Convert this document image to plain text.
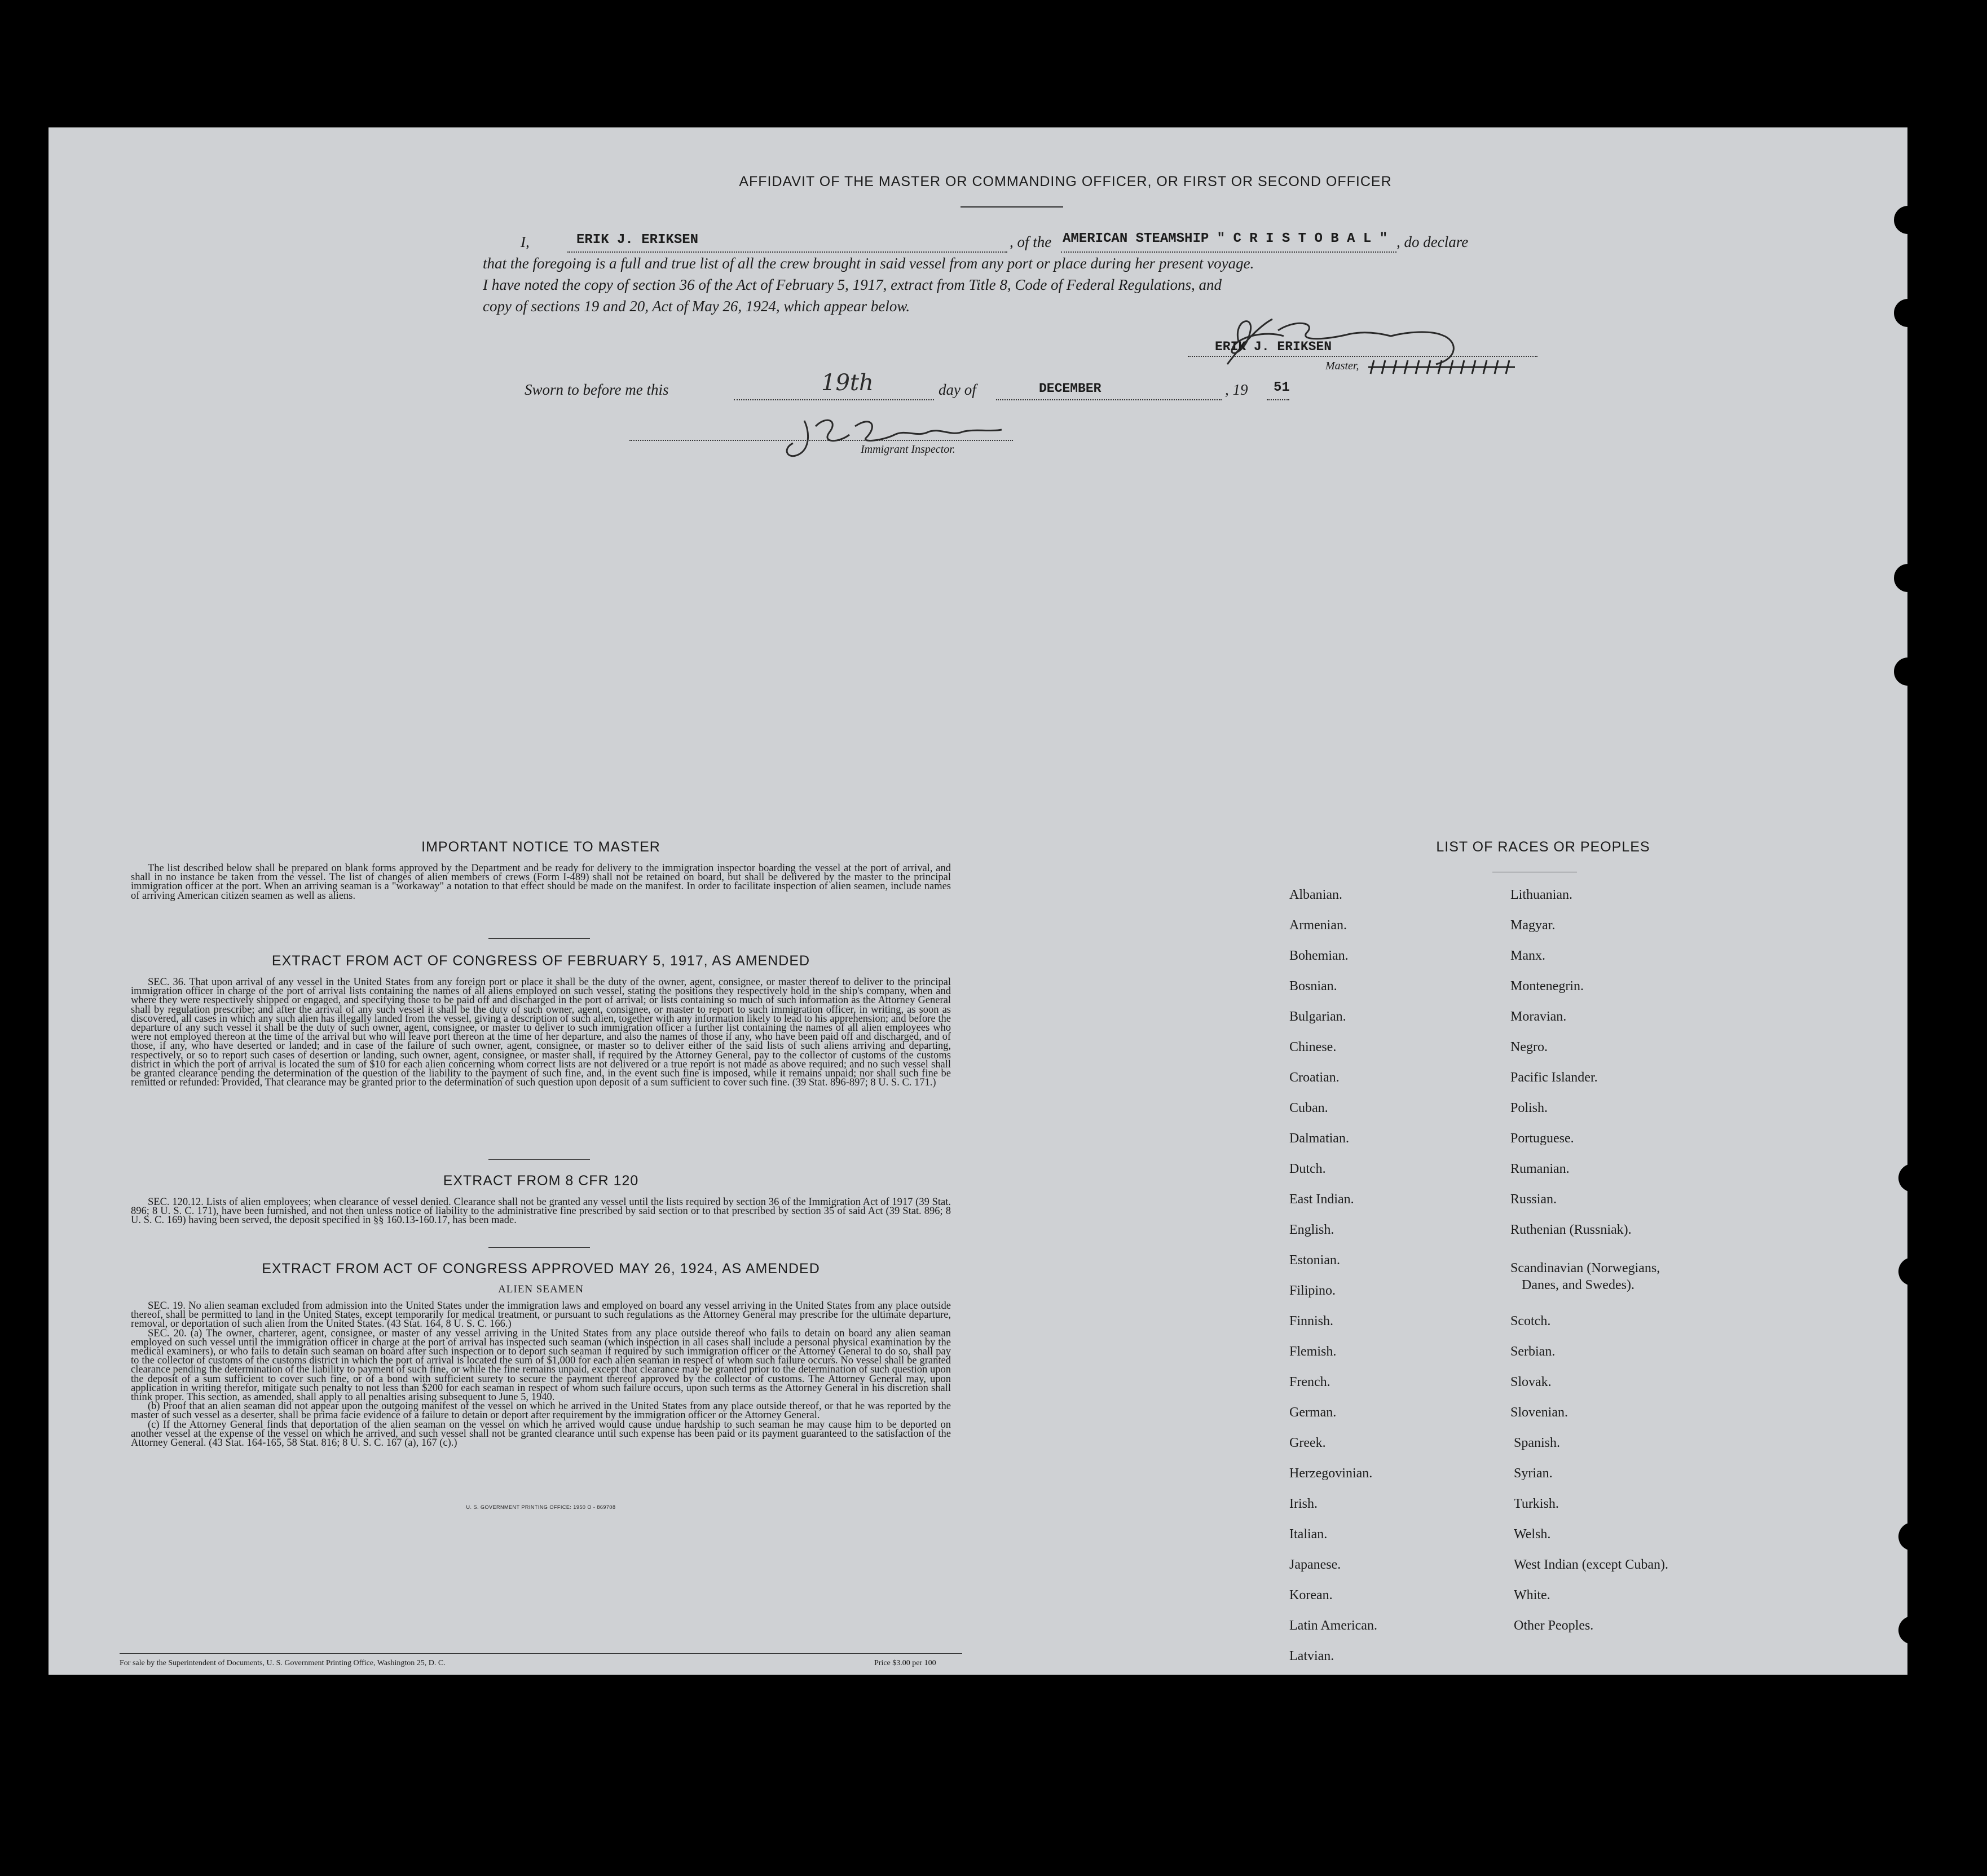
AFFIDAVIT OF THE MASTER OR COMMANDING OFFICER, OR FIRST OR SECOND OFFICER
I,	ERIK J. ERIKSEN	, of the AMERICAN STEAMSHIP " C R I S T O B A L " , do declare
that the foregoing is a full and true list of all the crew brought in said vessel from any port or place during her present voyage.
I have noted the copy of section 36 of the Act of February 5, 1917, extract from Title 8, Code of Federal Regulations, and
copy of sections 19 and 20, Act of May 26, 1924, which appear below.
ERIK J. ERIKSEN
Master,
Sworn to before me this	19th	day of	DECEMBER	, 19 51
Immigrant Inspector.
IMPORTANT NOTICE TO MASTER
The list described below shall be prepared on blank forms approved by the Department and be ready for delivery to the immigration inspector boarding the vessel at the port of arrival, and shall in no instance be taken from the vessel. The list of changes of alien members of crews (Form I-489) shall not be retained on board, but shall be delivered by the master to the principal immigration officer at the port. When an arriving seaman is a "workaway" a notation to that effect should be made on the manifest. In order to facilitate inspection of alien seamen, include names of arriving American citizen seamen as well as aliens.
EXTRACT FROM ACT OF CONGRESS OF FEBRUARY 5, 1917, AS AMENDED
SEC. 36. That upon arrival of any vessel in the United States from any foreign port or place it shall be the duty of the owner, agent, consignee, or master thereof to deliver to the principal immigration officer in charge of the port of arrival lists containing the names of all aliens employed on such vessel, stating the positions they respectively hold in the ship's company, when and where they were respectively shipped or engaged, and specifying those to be paid off and discharged in the port of arrival; or lists containing so much of such information as the Attorney General shall by regulation prescribe; and after the arrival of any such vessel it shall be the duty of such owner, agent, consignee, or master to report to such immigration officer, in writing, as soon as discovered, all cases in which any such alien has illegally landed from the vessel, giving a description of such alien, together with any information likely to lead to his apprehension; and before the departure of any such vessel it shall be the duty of such owner, agent, consignee, or master to deliver to such immigration officer a further list containing the names of all alien employees who were not employed thereon at the time of the arrival but who will leave port thereon at the time of her departure, and also the names of those if any, who have been paid off and discharged, and of those, if any, who have deserted or landed; and in case of the failure of such owner, agent, consignee, or master so to deliver either of the said lists of such aliens arriving and departing, respectively, or so to report such cases of desertion or landing, such owner, agent, consignee, or master shall, if required by the Attorney General, pay to the collector of customs of the customs district in which the port of arrival is located the sum of $10 for each alien concerning whom correct lists are not delivered or a true report is not made as above required; and no such vessel shall be granted clearance pending the determination of the question of the liability to the payment of such fine, and, in the event such fine is imposed, while it remains unpaid; nor shall such fine be remitted or refunded: Provided, That clearance may be granted prior to the determination of such question upon deposit of a sum sufficient to cover such fine. (39 Stat. 896-897; 8 U. S. C. 171.)
EXTRACT FROM 8 CFR 120
SEC. 120.12. Lists of alien employees; when clearance of vessel denied. Clearance shall not be granted any vessel until the lists required by section 36 of the Immigration Act of 1917 (39 Stat. 896; 8 U. S. C. 171), have been furnished, and not then unless notice of liability to the administrative fine prescribed by said section or to that prescribed by section 35 of said Act (39 Stat. 896; 8 U. S. C. 169) having been served, the deposit specified in §§ 160.13-160.17, has been made.
EXTRACT FROM ACT OF CONGRESS APPROVED MAY 26, 1924, AS AMENDED
ALIEN SEAMEN
SEC. 19. No alien seaman excluded from admission into the United States under the immigration laws and employed on board any vessel arriving in the United States from any place outside thereof, shall be permitted to land in the United States, except temporarily for medical treatment, or pursuant to such regulations as the Attorney General may prescribe for the ultimate departure, removal, or deportation of such alien from the United States. (43 Stat. 164, 8 U. S. C. 166.)
SEC. 20. (a) The owner, charterer, agent, consignee, or master of any vessel arriving in the United States from any place outside thereof who fails to detain on board any alien seaman employed on such vessel until the immigration officer in charge at the port of arrival has inspected such seaman (which inspection in all cases shall include a personal physical examination by the medical examiners), or who fails to detain such seaman on board after such inspection or to deport such seaman if required by such immigration officer or the Attorney General to do so, shall pay to the collector of customs of the customs district in which the port of arrival is located the sum of $1,000 for each alien seaman in respect of whom such failure occurs. No vessel shall be granted clearance pending the determination of the liability to payment of such fine, or while the fine remains unpaid, except that clearance may be granted prior to the determination of such question upon the deposit of a sum sufficient to cover such fine, or of a bond with sufficient surety to secure the payment thereof approved by the collector of customs. The Attorney General may, upon application in writing therefor, mitigate such penalty to not less than $200 for each seaman in respect of whom such failure occurs, upon such terms as the Attorney General in his discretion shall think proper. This section, as amended, shall apply to all penalties arising subsequent to June 5, 1940.
(b) Proof that an alien seaman did not appear upon the outgoing manifest of the vessel on which he arrived in the United States from any place outside thereof, or that he was reported by the master of such vessel as a deserter, shall be prima facie evidence of a failure to detain or deport after requirement by the immigration officer or the Attorney General.
(c) If the Attorney General finds that deportation of the alien seaman on the vessel on which he arrived would cause undue hardship to such seaman he may cause him to be deported on another vessel at the expense of the vessel on which he arrived, and such vessel shall not be granted clearance until such expense has been paid or its payment guaranteed to the satisfaction of the Attorney General. (43 Stat. 164-165, 58 Stat. 816; 8 U. S. C. 167 (a), 167 (c).)
U. S. GOVERNMENT PRINTING OFFICE: 1950 O - 869708
For sale by the Superintendent of Documents, U. S. Government Printing Office, Washington 25, D. C.	Price $3.00 per 100
LIST OF RACES OR PEOPLES
Albanian.
Armenian.
Bohemian.
Bosnian.
Bulgarian.
Chinese.
Croatian.
Cuban.
Dalmatian.
Dutch.
East Indian.
English.
Estonian.
Filipino.
Finnish.
Flemish.
French.
German.
Greek.
Herzegovinian.
Irish.
Italian.
Japanese.
Korean.
Latin American.
Latvian.
Lithuanian.
Magyar.
Manx.
Montenegrin.
Moravian.
Negro.
Pacific Islander.
Polish.
Portuguese.
Rumanian.
Russian.
Ruthenian (Russniak).
Scandinavian (Norwegians,
Danes, and Swedes).
Scotch.
Serbian.
Slovak.
Slovenian.
Spanish.
Syrian.
Turkish.
Welsh.
West Indian (except Cuban).
White.
Other Peoples.
